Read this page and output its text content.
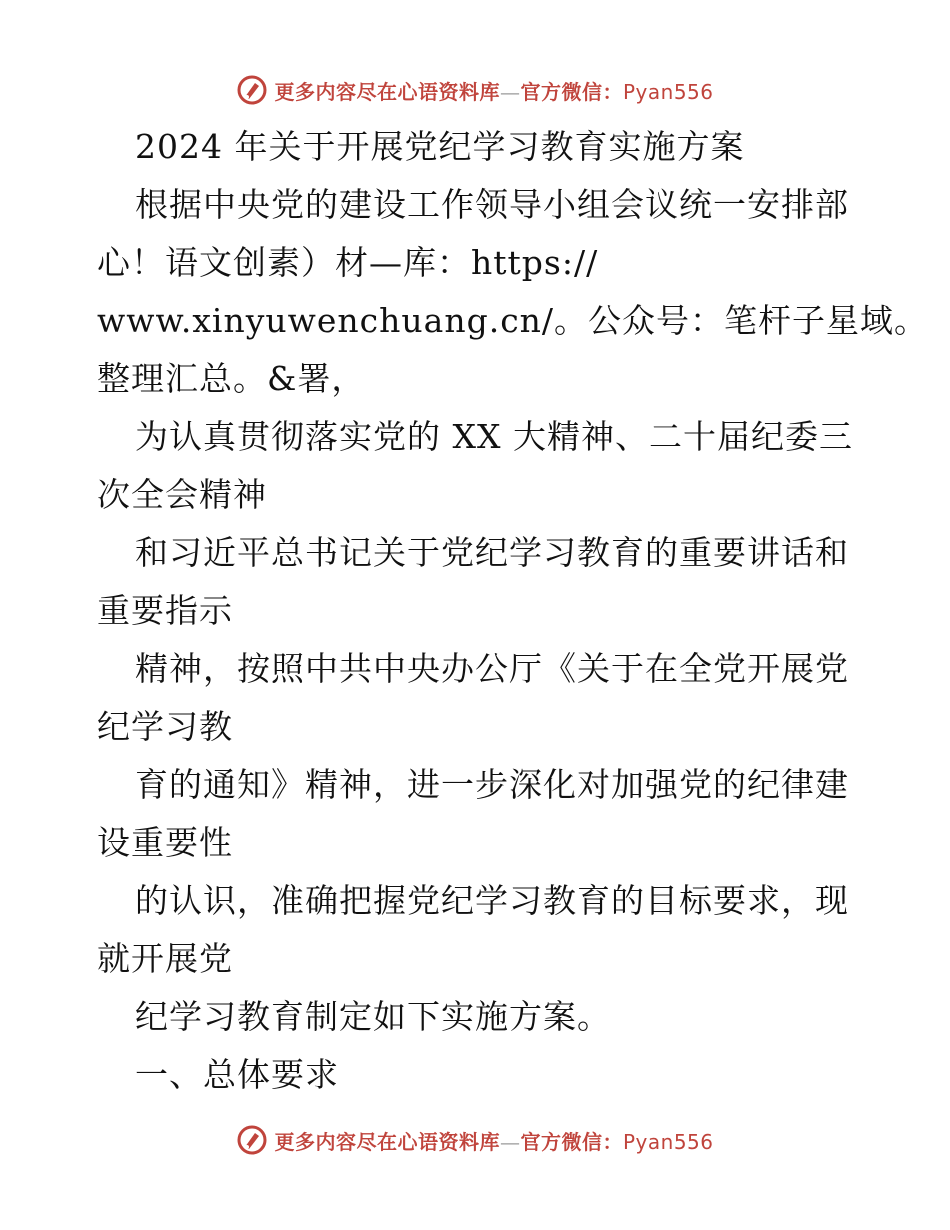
更多内容尽在心语资料库—官方微信：Pyan556
2024 年关于开展党纪学习教育实施方案
根据中央党的建设工作领导小组会议统一安排部
心！语文创素）材—库：https://
www.xinyuwenchuang.cn/。公众号：笔杆子星域。
整理汇总。&署，
为认真贯彻落实党的 XX 大精神、二十届纪委三
次全会精神
和习近平总书记关于党纪学习教育的重要讲话和
重要指示
精神，按照中共中央办公厅《关于在全党开展党
纪学习教
育的通知》精神，进一步深化对加强党的纪律建
设重要性
的认识，准确把握党纪学习教育的目标要求，现
就开展党
纪学习教育制定如下实施方案。
一、总体要求
更多内容尽在心语资料库—官方微信：Pyan556
